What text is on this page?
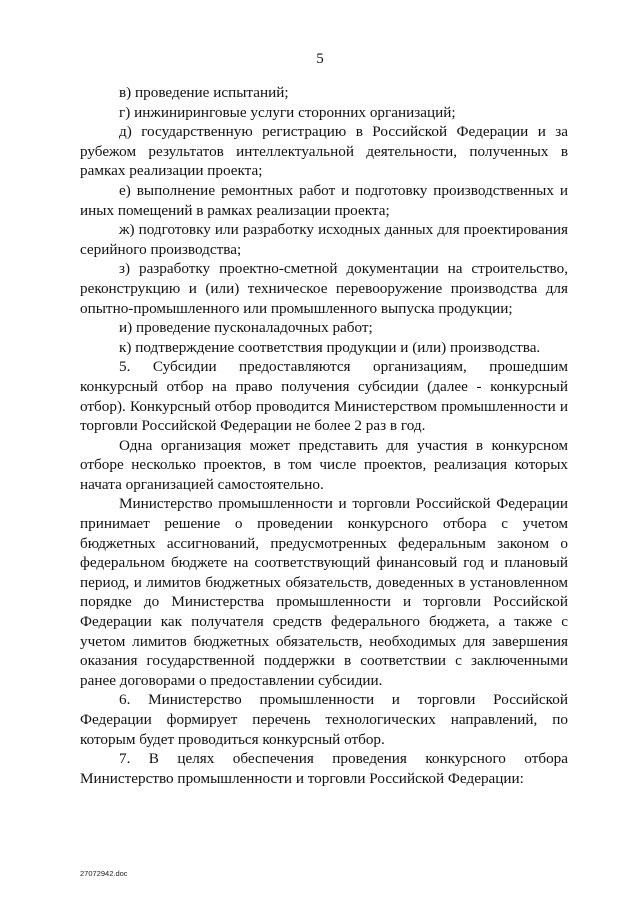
5

в) проведение испытаний;

г) инжиниринговые услуги сторонних организаций;

д) государственную регистрацию в Российской Федерации и за рубежом результатов интеллектуальной деятельности, полученных в рамках реализации проекта;

е) выполнение ремонтных работ и подготовку производственных и иных помещений в рамках реализации проекта;

ж) подготовку или разработку исходных данных для проектирования серийного производства;

з) разработку проектно-сметной документации на строительство, реконструкцию и (или) техническое перевооружение производства для опытно-промышленного или промышленного выпуска продукции;

и) проведение пусконаладочных работ;

к) подтверждение соответствия продукции и (или) производства.

5. Субсидии предоставляются организациям, прошедшим конкурсный отбор на право получения субсидии (далее - конкурсный отбор). Конкурсный отбор проводится Министерством промышленности и торговли Российской Федерации не более 2 раз в год.

Одна организация может представить для участия в конкурсном отборе несколько проектов, в том числе проектов, реализация которых начата организацией самостоятельно.

Министерство промышленности и торговли Российской Федерации принимает решение о проведении конкурсного отбора с учетом бюджетных ассигнований, предусмотренных федеральным законом о федеральном бюджете на соответствующий финансовый год и плановый период, и лимитов бюджетных обязательств, доведенных в установленном порядке до Министерства промышленности и торговли Российской Федерации как получателя средств федерального бюджета, а также с учетом лимитов бюджетных обязательств, необходимых для завершения оказания государственной поддержки в соответствии с заключенными ранее договорами о предоставлении субсидии.

6. Министерство промышленности и торговли Российской Федерации формирует перечень технологических направлений, по которым будет проводиться конкурсный отбор.

7. В целях обеспечения проведения конкурсного отбора Министерство промышленности и торговли Российской Федерации:

27072942.doc
